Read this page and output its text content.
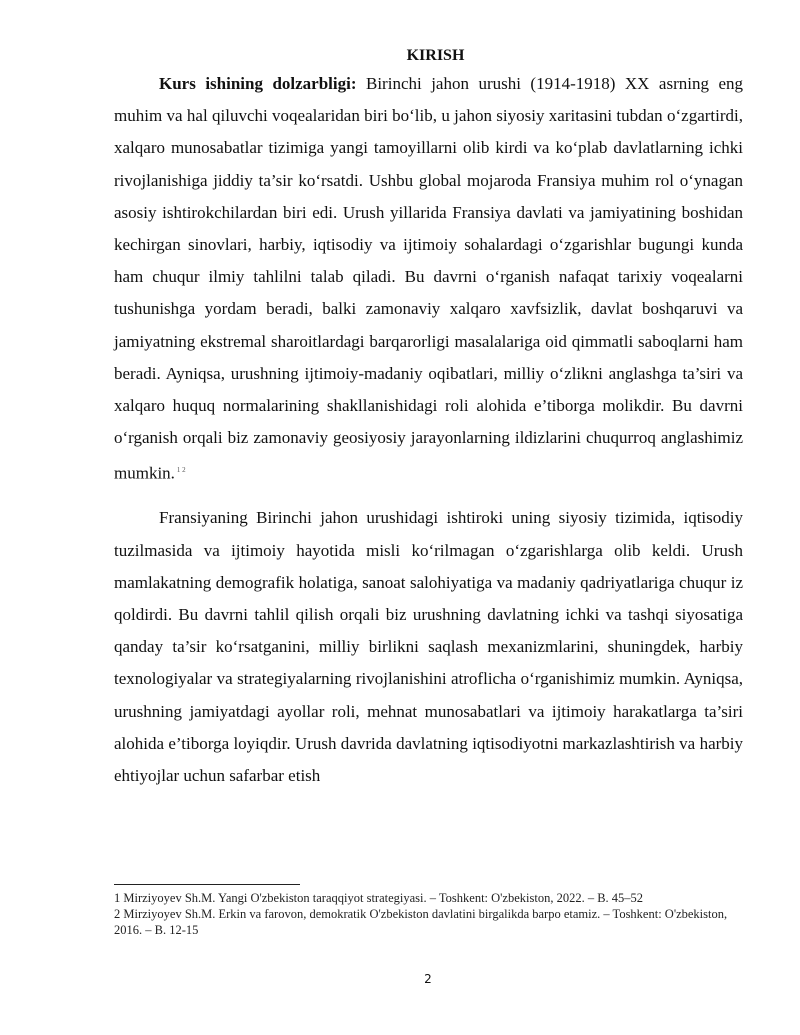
KIRISH

Kurs ishining dolzarbligi: Birinchi jahon urushi (1914-1918) XX asrning eng muhim va hal qiluvchi voqealaridan biri bo‘lib, u jahon siyosiy xaritasini tubdan o‘zgartirdi, xalqaro munosabatlar tizimiga yangi tamoyillarni olib kirdi va ko‘plab davlatlarning ichki rivojlanishiga jiddiy ta’sir ko‘rsatdi. Ushbu global mojaroda Fransiya muhim rol o‘ynagan asosiy ishtirokchilardan biri edi. Urush yillarida Fransiya davlati va jamiyatining boshidan kechirgan sinovlari, harbiy, iqtisodiy va ijtimoiy sohalardagi o‘zgarishlar bugungi kunda ham chuqur ilmiy tahlilni talab qiladi. Bu davrni o‘rganish nafaqat tarixiy voqealarni tushunishga yordam beradi, balki zamonaviy xalqaro xavfsizlik, davlat boshqaruvi va jamiyatning ekstremal sharoitlardagi barqarorligi masalalariga oid qimmatli saboqlarni ham beradi. Ayniqsa, urushning ijtimoiy-madaniy oqibatlari, milliy o‘zlikni anglashga ta’siri va xalqaro huquq normalarining shakllanishidagi roli alohida e’tiborga molikdir. Bu davrni o‘rganish orqali biz zamonaviy geosiyosiy jarayonlarning ildizlarini chuqurroq anglashimiz mumkin. $^{1 2}$

Fransiyaning Birinchi jahon urushidagi ishtiroki uning siyosiy tizimida, iqtisodiy tuzilmasida va ijtimoiy hayotida misli ko‘rilmagan o‘zgarishlarga olib keldi. Urush mamlakatning demografik holatiga, sanoat salohiyatiga va madaniy qadriyatlariga chuqur iz qoldirdi. Bu davrni tahlil qilish orqali biz urushning davlatning ichki va tashqi siyosatiga qanday ta’sir ko‘rsatganini, milliy birlikni saqlash mexanizmlarini, shuningdek, harbiy texnologiyalar va strategiyalarning rivojlanishini atroflicha o‘rganishimiz mumkin. Ayniqsa, urushning jamiyatdagi ayollar roli, mehnat munosabatlari va ijtimoiy harakatlarga ta’siri alohida e’tiborga loyiqdir. Urush davrida davlatning iqtisodiyotni markazlashtirish va harbiy ehtiyojlar uchun safarbar etish

1 Mirziyoyev Sh.M. Yangi O'zbekiston taraqqiyot strategiyasi. – Toshkent: O'zbekiston, 2022. – B. 45–52

2 Mirziyoyev Sh.M. Erkin va farovon, demokratik O'zbekiston davlatini birgalikda barpo etamiz. – Toshkent: O'zbekiston, 2016. – B. 12-15

2
